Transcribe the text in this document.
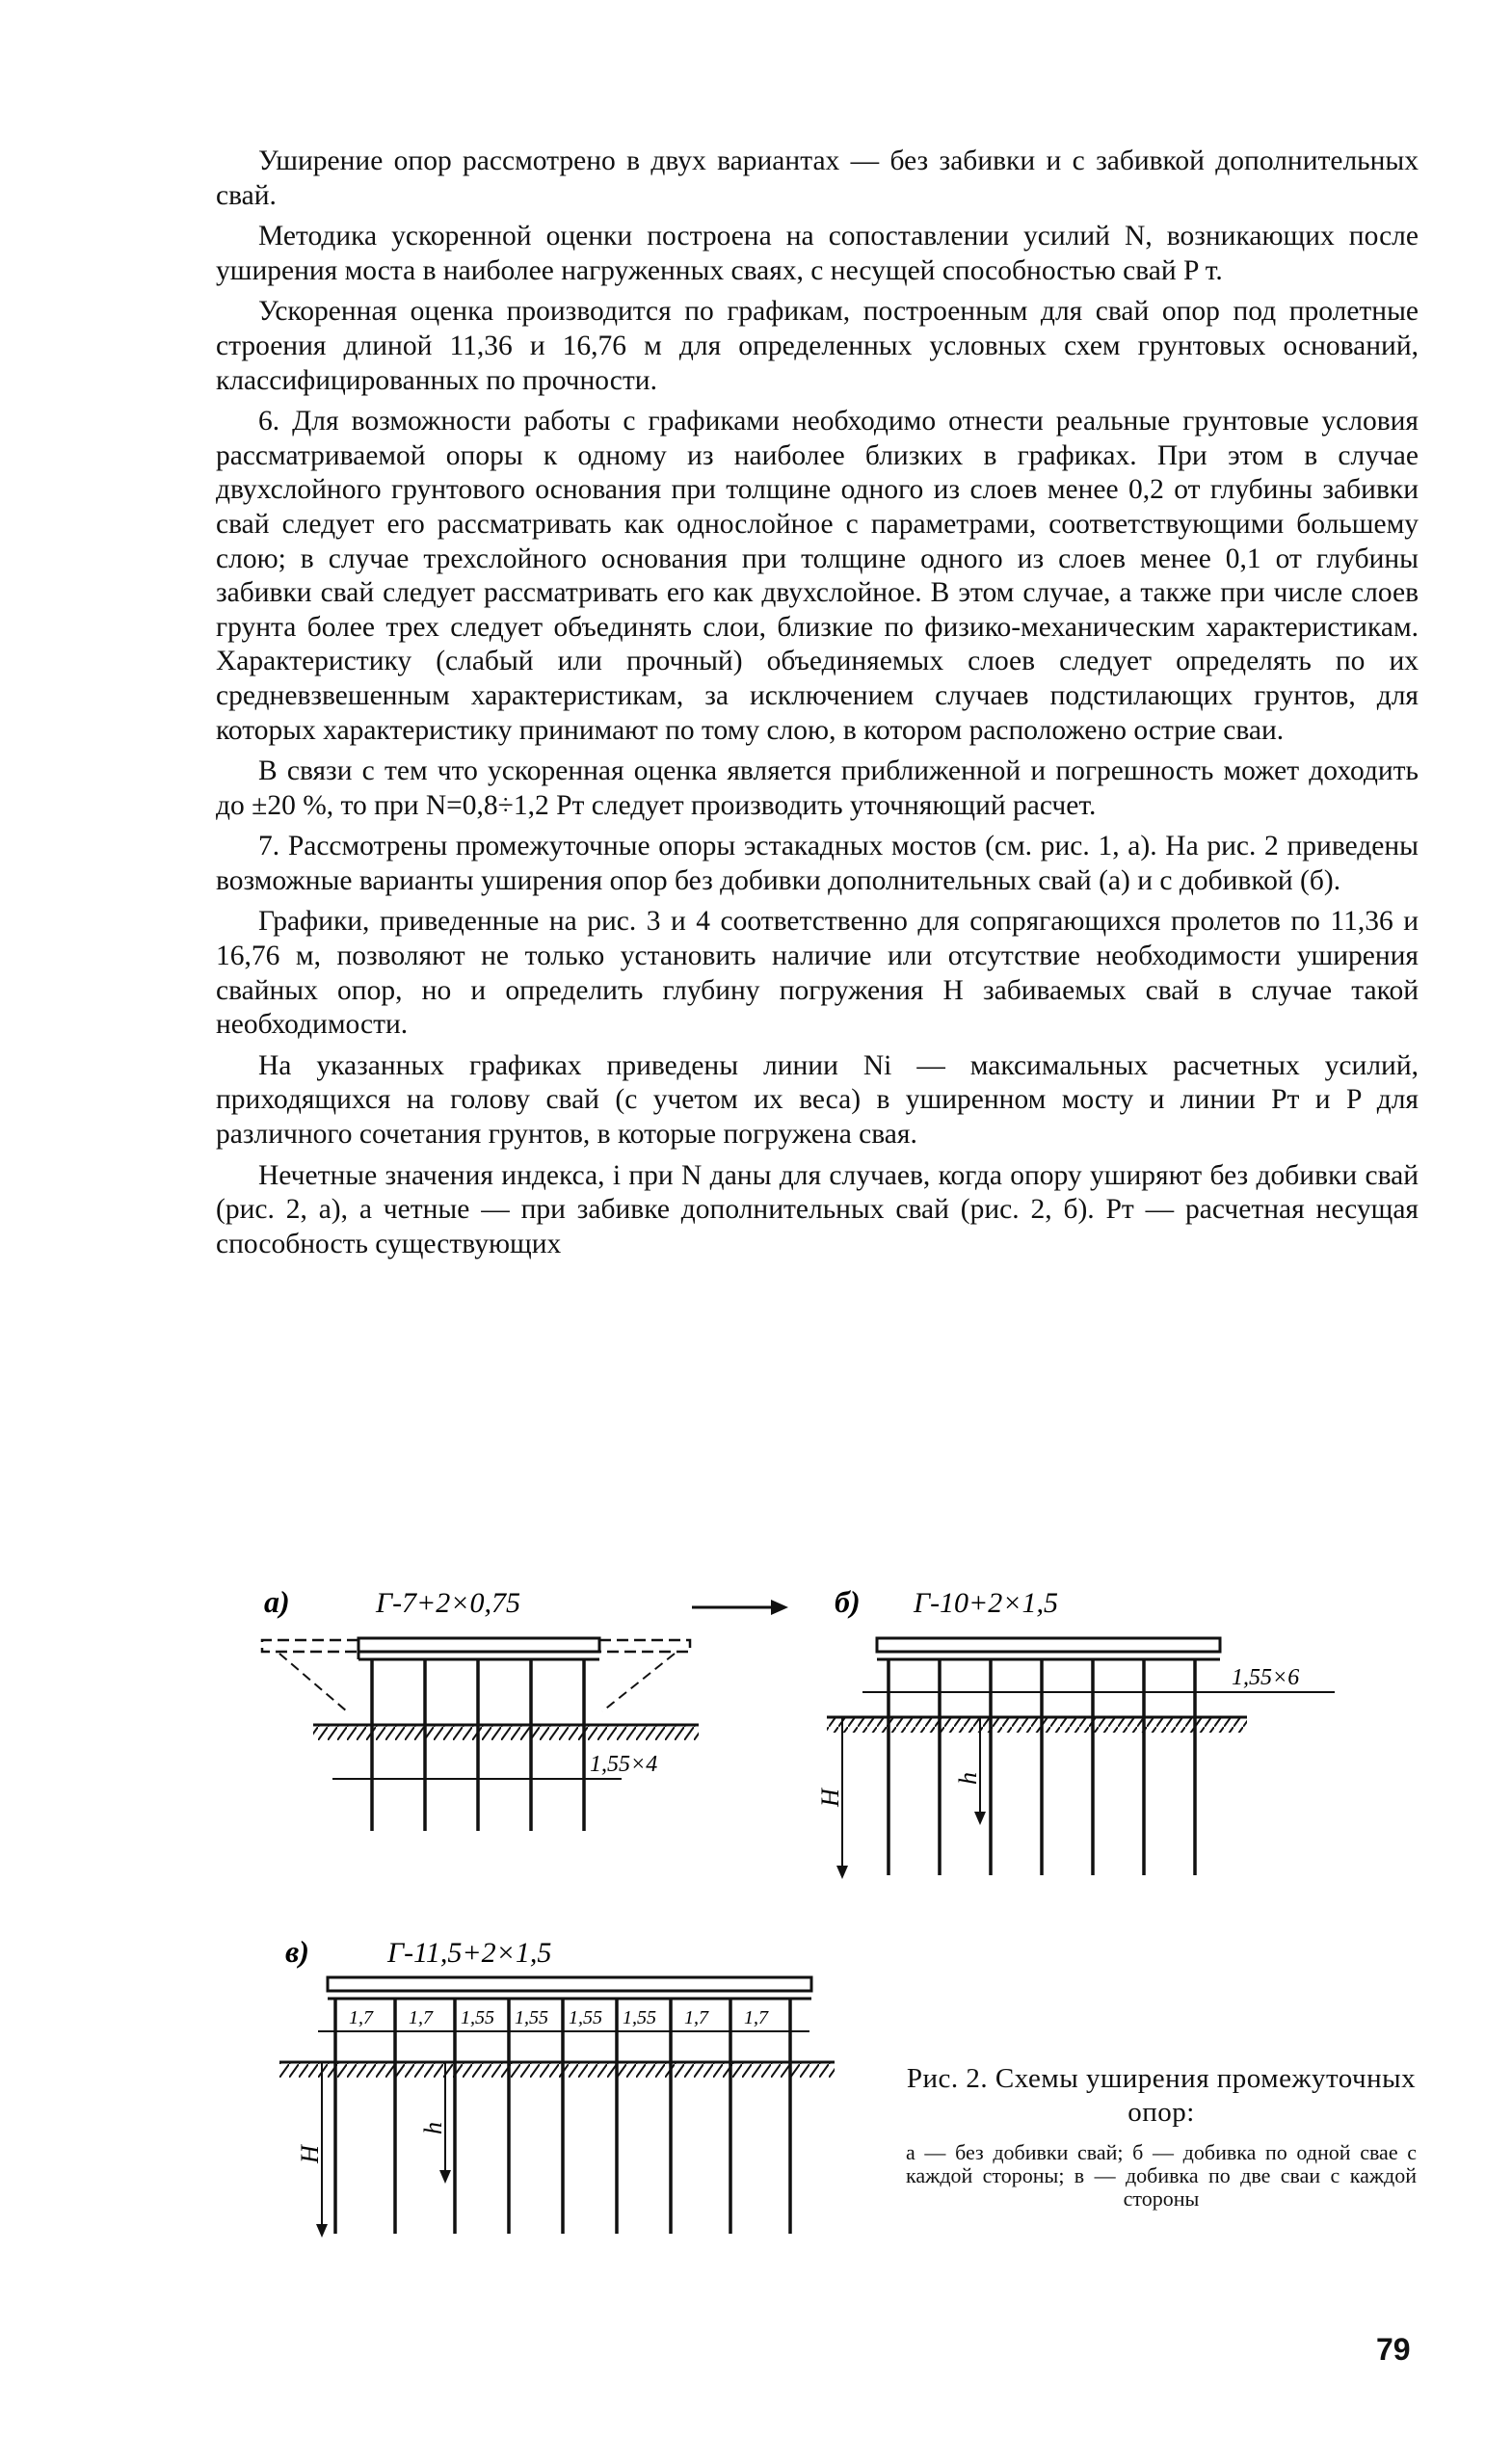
Уширение опор рассмотрено в двух вариантах — без забивки и с забивкой дополнительных свай.

Методика ускоренной оценки построена на сопоставлении усилий N, возникающих после уширения моста в наиболее нагруженных сваях, с несущей способностью свай P т.

Ускоренная оценка производится по графикам, построенным для свай опор под пролетные строения длиной 11,36 и 16,76 м для определенных условных схем грунтовых оснований, классифицированных по прочности.

6. Для возможности работы с графиками необходимо отнести реальные грунтовые условия рассматриваемой опоры к одному из наиболее близких в графиках. При этом в случае двухслойного грунтового основания при толщине одного из слоев менее 0,2 от глубины забивки свай следует его рассматривать как однослойное с параметрами, соответствующими большему слою; в случае трехслойного основания при толщине одного из слоев менее 0,1 от глубины забивки свай следует рассматривать его как двухслойное. В этом случае, а также при числе слоев грунта более трех следует объединять слои, близкие по физико-механическим характеристикам. Характеристику (слабый или прочный) объединяемых слоев следует определять по их средневзвешенным характеристикам, за исключением случаев подстилающих грунтов, для которых характеристику принимают по тому слою, в котором расположено острие сваи.

В связи с тем что ускоренная оценка является приближенной и погрешность может доходить до ±20 %, то при N=0,8÷1,2 Pт следует производить уточняющий расчет.

7. Рассмотрены промежуточные опоры эстакадных мостов (см. рис. 1, а). На рис. 2 приведены возможные варианты уширения опор без добивки дополнительных свай (а) и с добивкой (б).

Графики, приведенные на рис. 3 и 4 соответственно для сопрягающихся пролетов по 11,36 и 16,76 м, позволяют не только установить наличие или отсутствие необходимости уширения свайных опор, но и определить глубину погружения H забиваемых свай в случае такой необходимости.

На указанных графиках приведены линии Ni — максимальных расчетных усилий, приходящихся на голову свай (с учетом их веса) в уширенном мосту и линии Pт и P для различного сочетания грунтов, в которые погружена свая.

Нечетные значения индекса, i при N даны для случаев, когда опору уширяют без добивки свай (рис. 2, а), а четные — при забивке дополнительных свай (рис. 2, б). Pт — расчетная несущая способность существующих

а)	Г-7+2×0,75
1,55×4
б) Г-10+2×1,5
1,55×6
H
h
в)	Г-11,5+2×1,5
1,7 1,7 1,55 1,55 1,55 1,55 1,7 1,7
H
h
Рис. 2. Схемы уширения промежуточных опор:
а — без добивки свай; б — добивка по одной свае с каждой стороны; в — добивка по две сваи с каждой стороны
79
